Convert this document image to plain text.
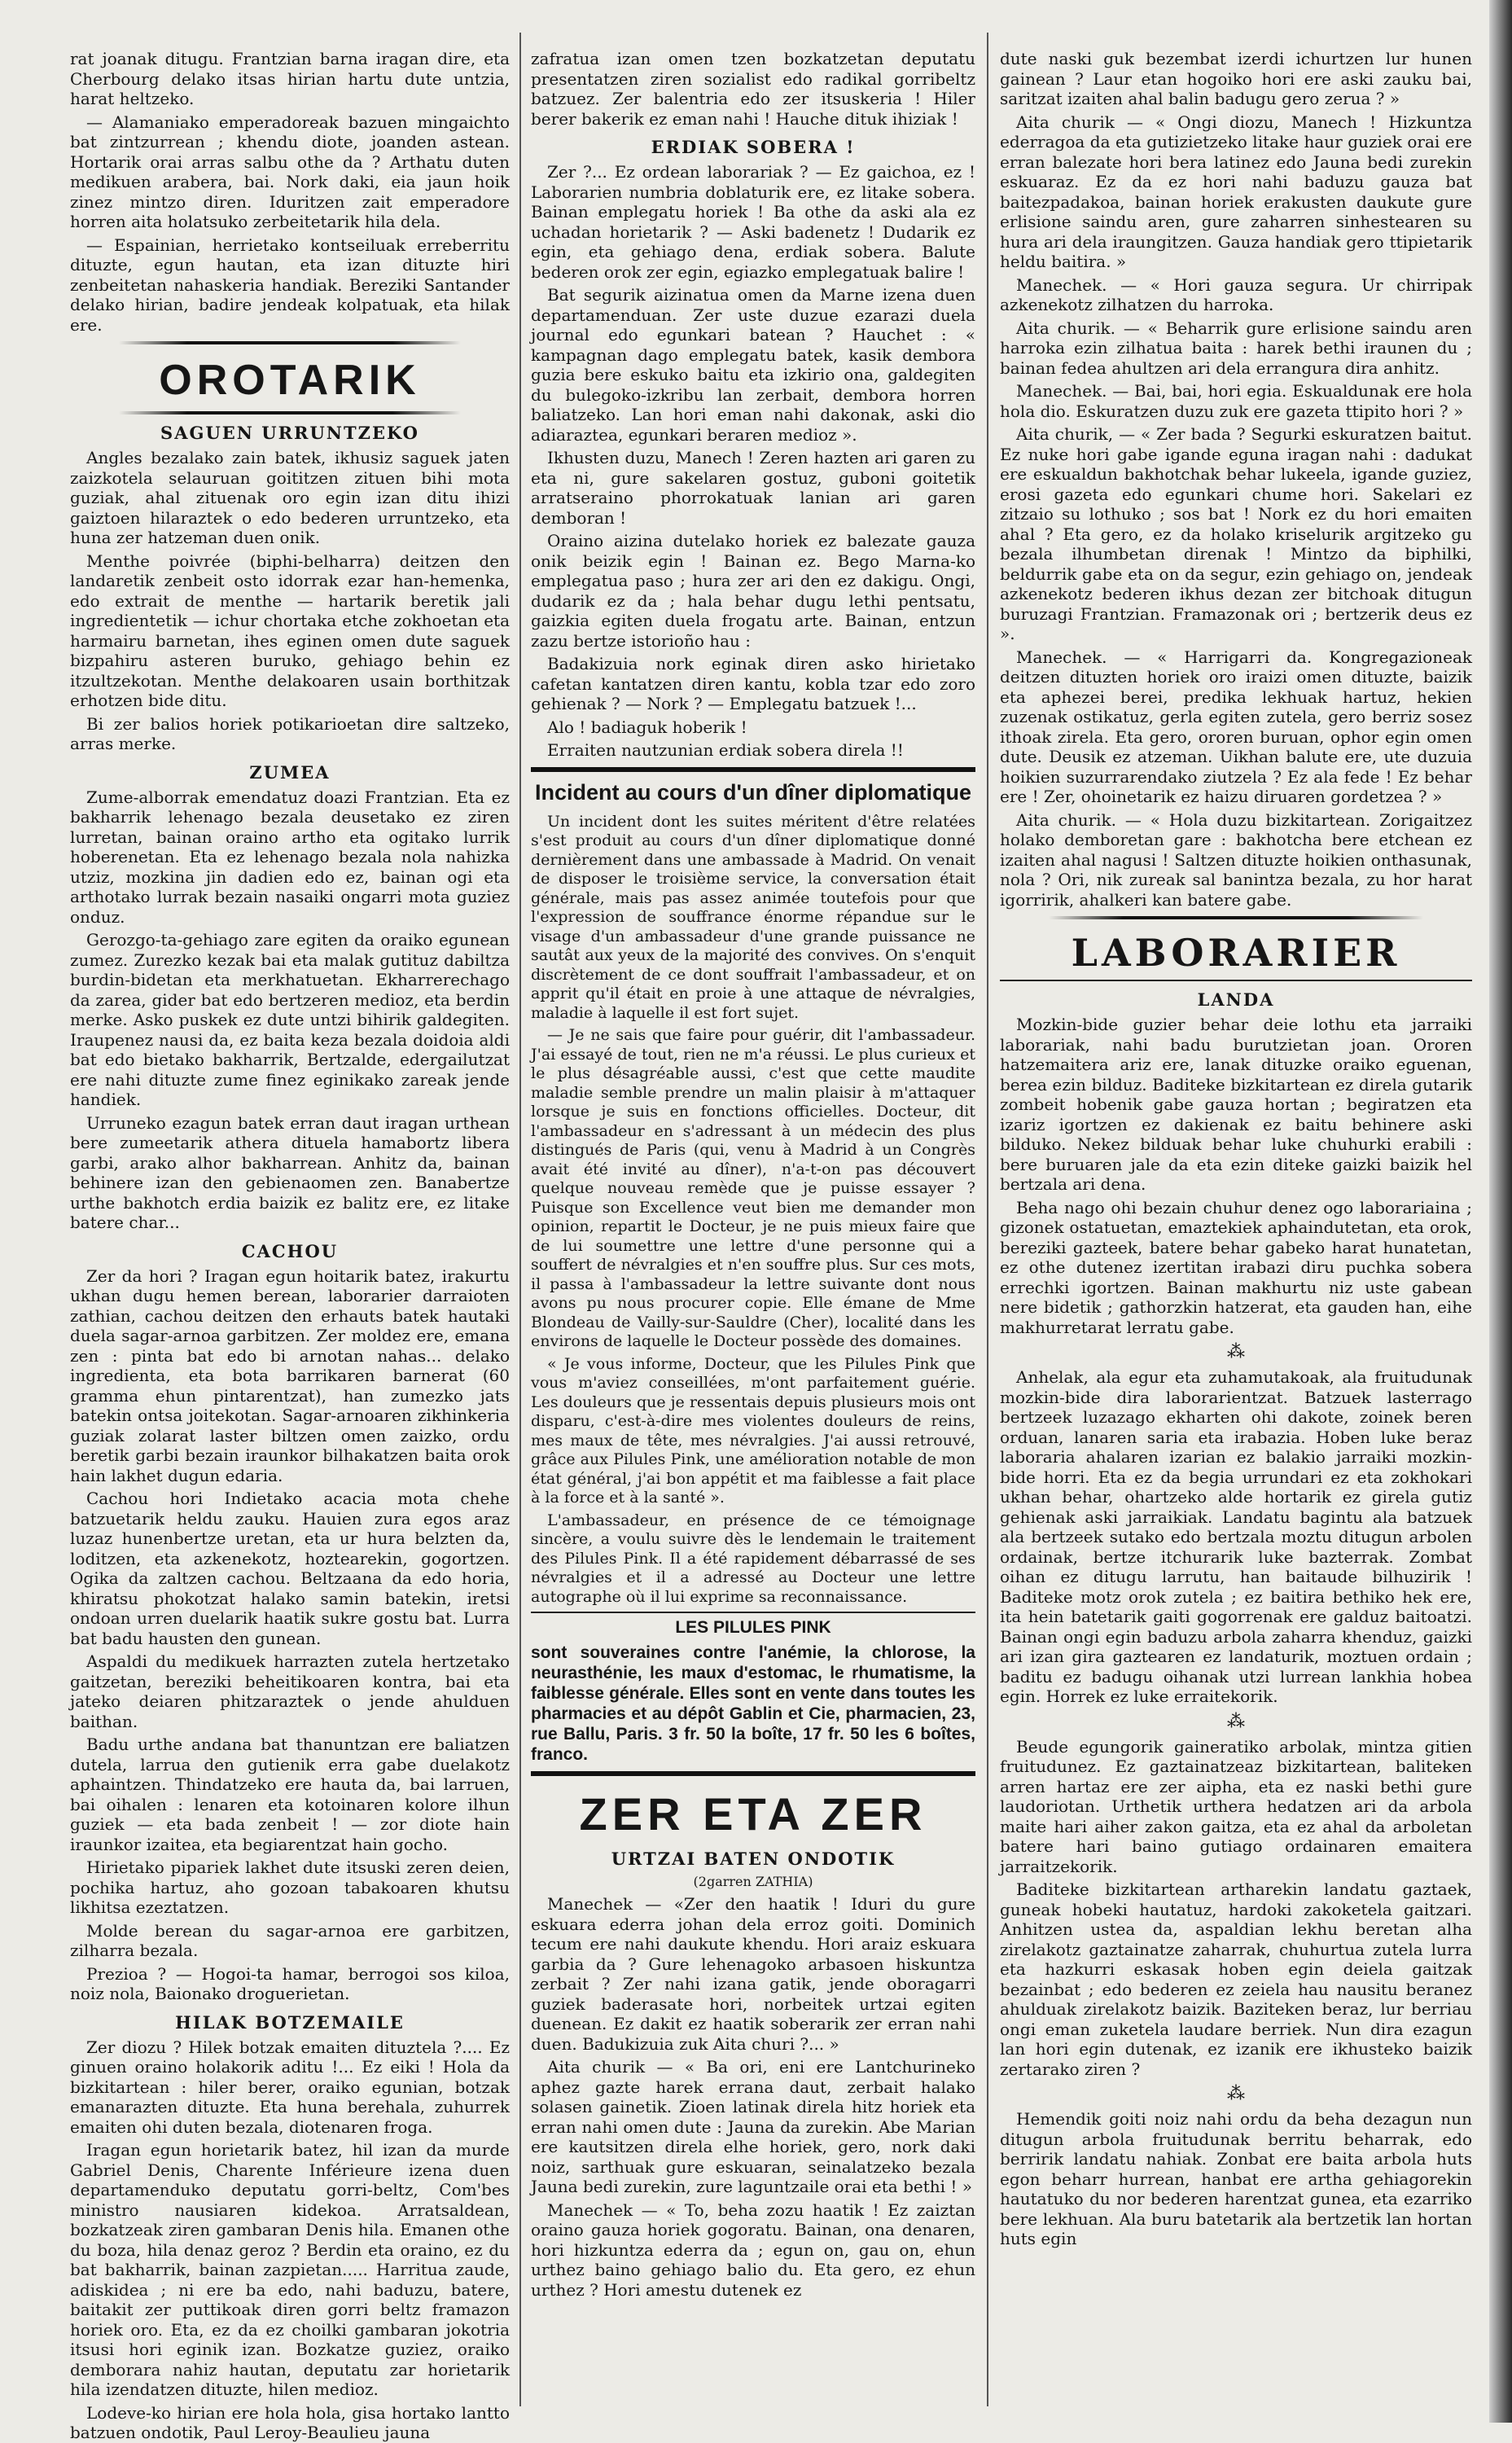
rat joanak ditugu. Frantzian barna iragan dire, eta Cherbourg delako itsas hirian hartu dute untzia, harat heltzeko.

— Alamaniako emperadoreak bazuen mingaichto bat zintzurrean ; khendu diote, joanden astean. Hortarik orai arras salbu othe da ? Arthatu duten medikuen arabera, bai. Nork daki, eia jaun hoik zinez mintzo diren. Iduritzen zait emperadore horren aita holatsuko zerbeitetarik hila dela.

— Espainian, herrietako kontseiluak erreberritu dituzte, egun hautan, eta izan dituzte hiri zenbeitetan nahaskeria handiak. Bereziki Santander delako hirian, badire jendeak kolpatuak, eta hilak ere.

OROTARIK
SAGUEN URRUNTZEKO

Angles bezalako zain batek, ikhusiz saguek jaten zaizkotela selauruan goititzen zituen bihi mota guziak, ahal zituenak oro egin izan ditu ihizi gaiztoen hilaraztek o edo bederen urruntzeko, eta huna zer hatzeman duen onik.

Menthe poivrée (biphi-belharra) deitzen den landaretik zenbeit osto idorrak ezar han-hemenka, edo extrait de menthe — hartarik beretik jali ingredientetik — ichur chortaka etche zokhoetan eta harmairu barnetan, ihes eginen omen dute saguek bizpahiru asteren buruko, gehiago behin ez itzultzekotan. Menthe delakoaren usain borthitzak erhotzen bide ditu.

Bi zer balios horiek potikarioetan dire saltzeko, arras merke.

ZUMEA

Zume-alborrak emendatuz doazi Frantzian. Eta ez bakharrik lehenago bezala deusetako ez ziren lurretan, bainan oraino artho eta ogitako lurrik hoberenetan. Eta ez lehenago bezala nola nahizka utziz, mozkina jin dadien edo ez, bainan ogi eta arthotako lurrak bezain nasaiki ongarri mota guziez onduz.

Gerozgo-ta-gehiago zare egiten da oraiko egunean zumez. Zurezko kezak bai eta malak gutituz dabiltza burdin-bidetan eta merkhatuetan. Ekharrerechago da zarea, gider bat edo bertzeren medioz, eta berdin merke. Asko puskek ez dute untzi bihirik galdegiten. Iraupenez nausi da, ez baita keza bezala doidoia aldi bat edo bietako bakharrik, Bertzalde, edergailutzat ere nahi dituzte zume finez eginikako zareak jende handiek.

Urruneko ezagun batek erran daut iragan urthean bere zumeetarik athera dituela hamabortz libera garbi, arako alhor bakharrean. Anhitz da, bainan behinere izan den gebienaomen zen. Banabertze urthe bakhotch erdia baizik ez balitz ere, ez litake batere char...

CACHOU

Zer da hori ? Iragan egun hoitarik batez, irakurtu ukhan dugu hemen berean, laborarier darraioten zathian, cachou deitzen den erhauts batek hautaki duela sagar-arnoa garbitzen. Zer moldez ere, emana zen : pinta bat edo bi arnotan nahas... delako ingredienta, eta bota barrikaren barnerat (60 gramma ehun pintarentzat), han zumezko jats batekin ontsa joitekotan. Sagar-arnoaren zikhinkeria guziak zolarat laster biltzen omen zaizko, ordu beretik garbi bezain iraunkor bilhakatzen baita orok hain lakhet dugun edaria.

Cachou hori Indietako acacia mota chehe batzuetarik heldu zauku. Hauien zura egos araz luzaz hunenbertze uretan, eta ur hura belzten da, loditzen, eta azkenekotz, hoztearekin, gogortzen. Ogika da zaltzen cachou. Beltzaana da edo horia, khiratsu phokotzat halako samin batekin, iretsi ondoan urren duelarik haatik sukre gostu bat. Lurra bat badu hausten den gunean.

Aspaldi du medikuek harrazten zutela hertzetako gaitzetan, bereziki beheitikoaren kontra, bai eta jateko deiaren phitzaraztek o jende ahulduen baithan.

Badu urthe andana bat thanuntzan ere baliatzen dutela, larrua den gutienik erra gabe duelakotz aphaintzen. Thindatzeko ere hauta da, bai larruen, bai oihalen : lenaren eta kotoinaren kolore ilhun guziek — eta bada zenbeit ! — zor diote hain iraunkor izaitea, eta begiarentzat hain gocho.

Hirietako pipariek lakhet dute itsuski zeren deien, pochika hartuz, aho gozoan tabakoaren khutsu likhitsa ezeztatzen.

Molde berean du sagar-arnoa ere garbitzen, zilharra bezala.

Prezioa ? — Hogoi-ta hamar, berrogoi sos kiloa, noiz nola, Baionako droguerietan.

HILAK BOTZEMAILE

Zer diozu ? Hilek botzak emaiten dituztela ?.... Ez ginuen oraino holakorik aditu !... Ez eiki ! Hola da bizkitartean : hiler berer, oraiko egunian, botzak emanarazten dituzte. Eta huna berehala, zuhurrek emaiten ohi duten bezala, diotenaren froga.

Iragan egun horietarik batez, hil izan da murde Gabriel Denis, Charente Inférieure izena duen departamenduko deputatu gorri-beltz, Com'bes ministro nausiaren kidekoa. Arratsaldean, bozkatzeak ziren gambaran Denis hila. Emanen othe du boza, hila denaz geroz ? Berdin eta oraino, ez du bat bakharrik, bainan zazpietan..... Harritua zaude, adiskidea ; ni ere ba edo, nahi baduzu, batere, baitakit zer puttikoak diren gorri beltz framazon horiek oro. Eta, ez da ez choilki gambaran jokotria itsusi hori eginik izan. Bozkatze guziez, oraiko demborara nahiz hautan, deputatu zar horietarik hila izendatzen dituzte, hilen medioz.

Lodeve-ko hirian ere hola hola, gisa hortako lantto batzuen ondotik, Paul Leroy-Beaulieu jauna

zafratua izan omen tzen bozkatzetan deputatu presentatzen ziren sozialist edo radikal gorribeltz batzuez. Zer balentria edo zer itsuskeria ! Hiler berer bakerik ez eman nahi ! Hauche dituk ihiziak !

ERDIAK SOBERA !

Zer ?... Ez ordean laborariak ? — Ez gaichoa, ez ! Laborarien numbria doblaturik ere, ez litake sobera. Bainan emplegatu horiek ! Ba othe da aski ala ez uchadan horietarik ? — Aski badenetz ! Dudarik ez egin, eta gehiago dena, erdiak sobera. Balute bederen orok zer egin, egiazko emplegatuak balire !

Bat segurik aizinatua omen da Marne izena duen departamenduan. Zer uste duzue ezarazi duela journal edo egunkari batean ? Hauchet : « kampagnan dago emplegatu batek, kasik dembora guzia bere eskuko baitu eta izkirio ona, galdegiten du bulegoko-izkribu lan zerbait, dembora horren baliatzeko. Lan hori eman nahi dakonak, aski dio adiaraztea, egunkari beraren medioz ».

Ikhusten duzu, Manech ! Zeren hazten ari garen zu eta ni, gure sakelaren gostuz, guboni goitetik arratseraino phorrokatuak lanian ari garen demboran !

Oraino aizina dutelako horiek ez balezate gauza onik beizik egin ! Bainan ez. Bego Marna-ko emplegatua paso ; hura zer ari den ez dakigu. Ongi, dudarik ez da ; hala behar dugu lethi pentsatu, gaizkia egiten duela frogatu arte. Bainan, entzun zazu bertze istorioño hau :

Badakizuia nork eginak diren asko hirietako cafetan kantatzen diren kantu, kobla tzar edo zoro gehienak ? — Nork ? — Emplegatu batzuek !...

Alo ! badiaguk hoberik !

Erraiten nautzunian erdiak sobera direla !!

Incident au cours d'un dîner diplomatique

Un incident dont les suites méritent d'être relatées s'est produit au cours d'un dîner diplomatique donné dernièrement dans une ambassade à Madrid. On venait de disposer le troisième service, la conversation était générale, mais pas assez animée toutefois pour que l'expression de souffrance énorme répandue sur le visage d'un ambassadeur d'une grande puissance ne sautât aux yeux de la majorité des convives. On s'enquit discrètement de ce dont souffrait l'ambassadeur, et on apprit qu'il était en proie à une attaque de névralgies, maladie à laquelle il est fort sujet.

— Je ne sais que faire pour guérir, dit l'ambassadeur. J'ai essayé de tout, rien ne m'a réussi. Le plus curieux et le plus désagréable aussi, c'est que cette maudite maladie semble prendre un malin plaisir à m'attaquer lorsque je suis en fonctions officielles. Docteur, dit l'ambassadeur en s'adressant à un médecin des plus distingués de Paris (qui, venu à Madrid à un Congrès avait été invité au dîner), n'a-t-on pas découvert quelque nouveau remède que je puisse essayer ? Puisque son Excellence veut bien me demander mon opinion, repartit le Docteur, je ne puis mieux faire que de lui soumettre une lettre d'une personne qui a souffert de névralgies et n'en souffre plus. Sur ces mots, il passa à l'ambassadeur la lettre suivante dont nous avons pu nous procurer copie. Elle émane de Mme Blondeau de Vailly-sur-Sauldre (Cher), localité dans les environs de laquelle le Docteur possède des domaines.

« Je vous informe, Docteur, que les Pilules Pink que vous m'aviez conseillées, m'ont parfaitement guérie. Les douleurs que je ressentais depuis plusieurs mois ont disparu, c'est-à-dire mes violentes douleurs de reins, mes maux de tête, mes névralgies. J'ai aussi retrouvé, grâce aux Pilules Pink, une amélioration notable de mon état général, j'ai bon appétit et ma faiblesse a fait place à la force et à la santé ».

L'ambassadeur, en présence de ce témoignage sincère, a voulu suivre dès le lendemain le traitement des Pilules Pink. Il a été rapidement débarrassé de ses névralgies et il a adressé au Docteur une lettre autographe où il lui exprime sa reconnaissance.

LES PILULES PINK
sont souveraines contre l'anémie, la chlorose, la neurasthénie, les maux d'estomac, le rhumatisme, la faiblesse générale. Elles sont en vente dans toutes les pharmacies et au dépôt Gablin et Cie, pharmacien, 23, rue Ballu, Paris. 3 fr. 50 la boîte, 17 fr. 50 les 6 boîtes, franco.
ZER ETA ZER
URTZAI BATEN ONDOTIK
(2garren ZATHIA)

Manechek — «Zer den haatik ! Iduri du gure eskuara ederra johan dela erroz goiti. Dominich tecum ere nahi daukute khendu. Hori araiz eskuara garbia da ? Gure lehenagoko arbasoen hiskuntza zerbait ? Zer nahi izana gatik, jende oboragarri guziek baderasate hori, norbeitek urtzai egiten duenean. Ez dakit ez haatik soberarik zer erran nahi duen. Badukizuia zuk Aita churi ?... »

Aita churik — « Ba ori, eni ere Lantchurineko aphez gazte harek errana daut, zerbait halako solasen gainetik. Zioen latinak direla hitz horiek eta erran nahi omen dute : Jauna da zurekin. Abe Marian ere kautsitzen direla elhe horiek, gero, nork daki noiz, sarthuak gure eskuaran, seinalatzeko bezala Jauna bedi zurekin, zure laguntzaile orai eta bethi ! »

Manechek — « To, beha zozu haatik ! Ez zaiztan oraino gauza horiek gogoratu. Bainan, ona denaren, hori hizkuntza ederra da ; egun on, gau on, ehun urthez baino gehiago balio du. Eta gero, ez ehun urthez ? Hori amestu dutenek ez

dute naski guk bezembat izerdi ichurtzen lur hunen gainean ? Laur etan hogoiko hori ere aski zauku bai, saritzat izaiten ahal balin badugu gero zerua ? »

Aita churik — « Ongi diozu, Manech ! Hizkuntza ederragoa da eta gutizietzeko litake haur guziek orai ere erran balezate hori bera latinez edo Jauna bedi zurekin eskuaraz. Ez da ez hori nahi baduzu gauza bat baitezpadakoa, bainan horiek erakusten daukute gure erlisione saindu aren, gure zaharren sinhestearen su hura ari dela iraungitzen. Gauza handiak gero ttipietarik heldu baitira. »

Manechek. — « Hori gauza segura. Ur chirripak azkenekotz zilhatzen du harroka.

Aita churik. — « Beharrik gure erlisione saindu aren harroka ezin zilhatua baita : harek bethi iraunen du ; bainan fedea ahultzen ari dela errangura dira anhitz.

Manechek. — Bai, bai, hori egia. Eskualdunak ere hola hola dio. Eskuratzen duzu zuk ere gazeta ttipito hori ? »

Aita churik, — « Zer bada ? Segurki eskuratzen baitut. Ez nuke hori gabe igande eguna iragan nahi : dadukat ere eskualdun bakhotchak behar lukeela, igande guziez, erosi gazeta edo egunkari chume hori. Sakelari ez zitzaio su lothuko ; sos bat ! Nork ez du hori emaiten ahal ? Eta gero, ez da holako kriselurik argitzeko gu bezala ilhumbetan direnak ! Mintzo da biphilki, beldurrik gabe eta on da segur, ezin gehiago on, jendeak azkenekotz bederen ikhus dezan zer bitchoak ditugun buruzagi Frantzian. Framazonak ori ; bertzerik deus ez ».

Manechek. — « Harrigarri da. Kongregazioneak deitzen dituzten horiek oro iraizi omen dituzte, baizik eta aphezei berei, predika lekhuak hartuz, hekien zuzenak ostikatuz, gerla egiten zutela, gero berriz sosez ithoak zirela. Eta gero, ororen buruan, ophor egin omen dute. Deusik ez atzeman. Uikhan balute ere, ute duzuia hoikien suzurrarendako ziutzela ? Ez ala fede ! Ez behar ere ! Zer, ohoinetarik ez haizu diruaren gordetzea ? »

Aita churik. — « Hola duzu bizkitartean. Zorigaitzez holako demboretan gare : bakhotcha bere etchean ez izaiten ahal nagusi ! Saltzen dituzte hoikien onthasunak, nola ? Ori, nik zureak sal banintza bezala, zu hor harat igorririk, ahalkeri kan batere gabe.

LABORARIER
LANDA

Mozkin-bide guzier behar deie lothu eta jarraiki laborariak, nahi badu burutzietan joan. Ororen hatzemaitera ariz ere, lanak dituzke oraiko eguenan, berea ezin bilduz. Baditeke bizkitartean ez direla gutarik zombeit hobenik gabe gauza hortan ; begiratzen eta izariz igortzen ez dakienak ez baitu behinere aski bilduko. Nekez bilduak behar luke chuhurki erabili : bere buruaren jale da eta ezin diteke gaizki baizik hel bertzala ari dena.

Beha nago ohi bezain chuhur denez ogo laborariaina ; gizonek ostatuetan, emaztekiek aphaindutetan, eta orok, bereziki gazteek, batere behar gabeko harat hunatetan, ez othe dutenez izertitan irabazi diru puchka sobera errechki igortzen. Bainan makhurtu niz uste gabean nere bidetik ; gathorzkin hatzerat, eta gauden han, eihe makhurretarat lerratu gabe.

⁂

Anhelak, ala egur eta zuhamutakoak, ala fruitudunak mozkin-bide dira laborarientzat. Batzuek lasterrago bertzeek luzazago ekharten ohi dakote, zoinek beren orduan, lanaren saria eta irabazia. Hoben luke beraz laboraria ahalaren izarian ez balakio jarraiki mozkin-bide horri. Eta ez da begia urrundari ez eta zokhokari ukhan behar, ohartzeko alde hortarik ez girela gutiz gehienak aski jarraikiak. Landatu bagintu ala batzuek ala bertzeek sutako edo bertzala moztu ditugun arbolen ordainak, bertze itchurarik luke bazterrak. Zombat oihan ez ditugu larrutu, han baitaude bilhuzirik ! Baditeke motz orok zutela ; ez baitira bethiko hek ere, ita hein batetarik gaiti gogorrenak ere galduz baitoatzi. Bainan ongi egin baduzu arbola zaharra khenduz, gaizki ari izan gira gaztearen ez landaturik, moztuen ordain ; baditu ez badugu oihanak utzi lurrean lankhia hobea egin. Horrek ez luke erraitekorik.

⁂

Beude egungorik gaineratiko arbolak, mintza gitien fruitudunez. Ez gaztainatzeaz bizkitartean, baliteken arren hartaz ere zer aipha, eta ez naski bethi gure laudoriotan. Urthetik urthera hedatzen ari da arbola maite hari aiher zakon gaitza, eta ez ahal da arboletan batere hari baino gutiago ordainaren emaitera jarraitzekorik.

Baditeke bizkitartean artharekin landatu gaztaek, guneak hobeki hautatuz, hardoki zakoketela gaitzari. Anhitzen ustea da, aspaldian lekhu beretan alha zirelakotz gaztainatze zaharrak, chuhurtua zutela lurra eta hazkurri eskasak hoben egin deiela gaitzak bezainbat ; edo bederen ez zeiela hau nausitu beranez ahulduak zirelakotz baizik. Baziteken beraz, lur berriau ongi eman zuketela laudare berriek. Nun dira ezagun lan hori egin dutenak, ez izanik ere ikhusteko baizik zertarako ziren ?

⁂

Hemendik goiti noiz nahi ordu da beha dezagun nun ditugun arbola fruitudunak berritu beharrak, edo berririk landatu nahiak. Zonbat ere baita arbola huts egon beharr hurrean, hanbat ere artha gehiagorekin hautatuko du nor bederen harentzat gunea, eta ezarriko bere lekhuan. Ala buru batetarik ala bertzetik lan hortan huts egin
